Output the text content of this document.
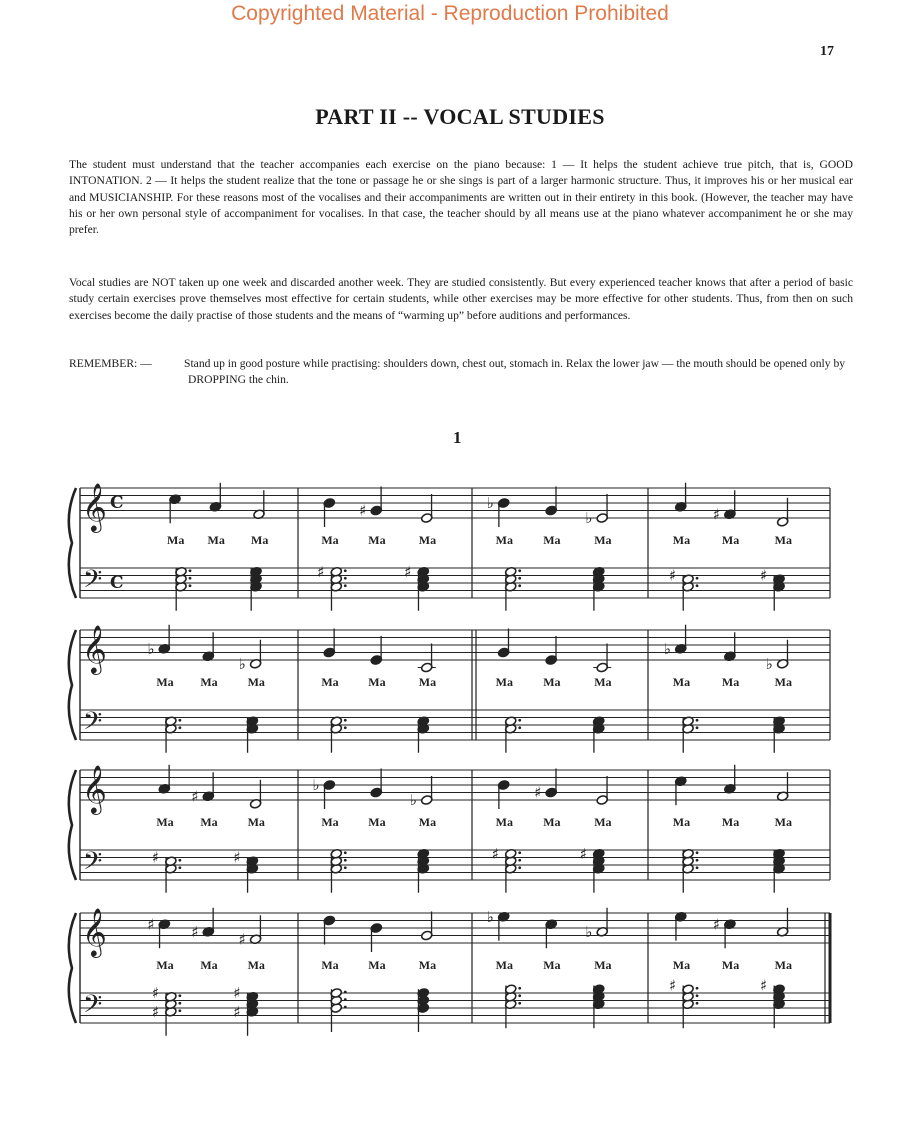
Copyrighted Material - Reproduction Prohibited
17
PART II -- VOCAL STUDIES

The student must understand that the teacher accompanies each exercise on the piano because: 1 — It helps the student achieve true pitch, that is, GOOD INTONATION. 2 — It helps the student realize that the tone or passage he or she sings is part of a larger harmonic structure. Thus, it improves his or her musical ear and MUSICIANSHIP. For these reasons most of the vocalises and their accompaniments are written out in their entirety in this book. (However, the teacher may have his or her own personal style of accompaniment for vocalises. In that case, the teacher should by all means use at the piano whatever accompaniment he or she may prefer.

Vocal studies are NOT taken up one week and discarded another week. They are studied consistently. But every experienced teacher knows that after a period of basic study certain exercises prove themselves most effective for certain students, while other exercises may be more effective for other students. Thus, from then on such exercises become the daily practise of those students and the means of “warming up” before auditions and performances.

REMEMBER: —	Stand up in good posture while practising: shoulders down, chest out, stomach in. Relax the lower jaw — the mouth should be opened only by DROPPING the chin.
1
𝄞
𝄢
C
C
Ma Ma Ma	Ma
♯
Ma	Ma
♯	♯
♭
Ma	Ma
♭
Ma	Ma
♯
Ma	Ma
♯	♯
𝄞
𝄢
♭
Ma Ma
♭
Ma	Ma Ma	Ma	Ma	Ma	Ma
♭
Ma	Ma
♭
Ma
𝄞
𝄢
Ma
♯
Ma Ma
♯	♯
♭
Ma Ma
♭
Ma	Ma
♯
Ma	Ma
♯	♯
Ma	Ma	Ma
𝄞
𝄢
♯
Ma
♯
Ma
♯
Ma
♯
♯
♯
♯
Ma Ma	Ma
♭
Ma	Ma
♭
Ma	Ma
♯
Ma	Ma
♯	♯
